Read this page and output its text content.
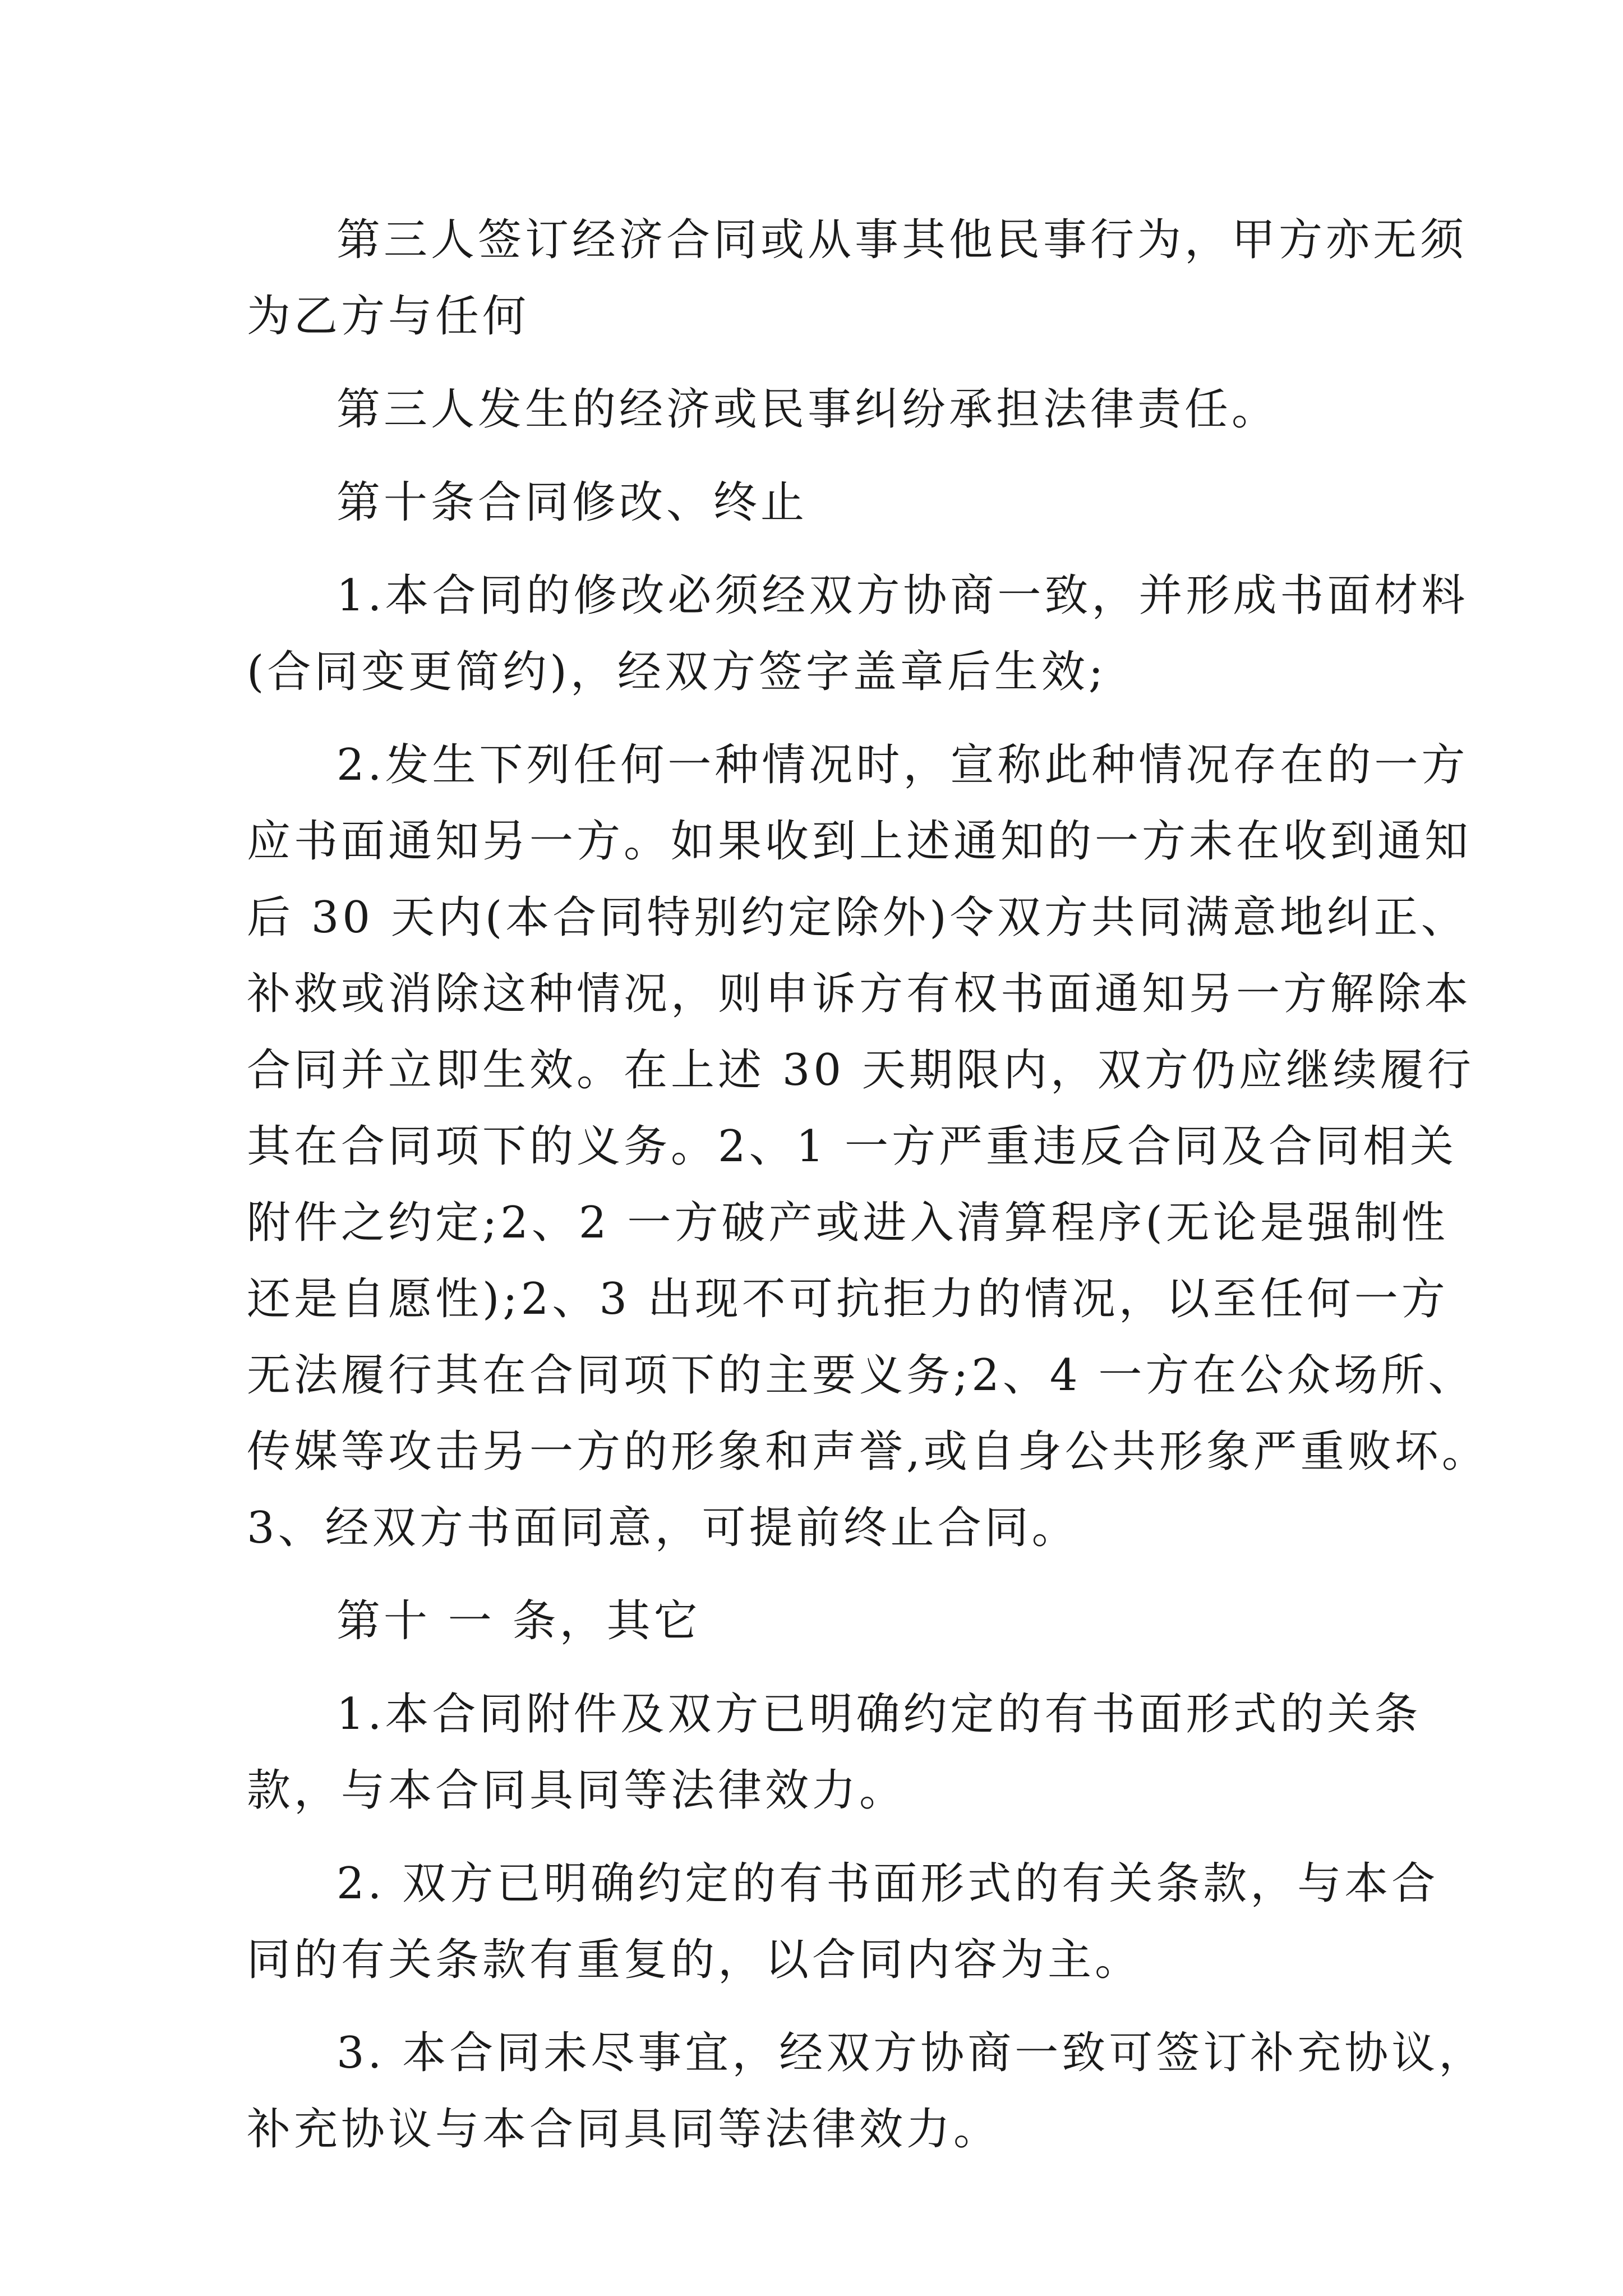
第三人签订经济合同或从事其他民事行为，甲方亦无须
为乙方与任何
第三人发生的经济或民事纠纷承担法律责任。
第十条合同修改、终止
1.本合同的修改必须经双方协商一致，并形成书面材料
(合同变更简约)，经双方签字盖章后生效;
2.发生下列任何一种情况时，宣称此种情况存在的一方
应书面通知另一方。如果收到上述通知的一方未在收到通知
后 30 天内(本合同特别约定除外)令双方共同满意地纠正、
补救或消除这种情况，则申诉方有权书面通知另一方解除本
合同并立即生效。在上述 30 天期限内，双方仍应继续履行
其在合同项下的义务。2、1 一方严重违反合同及合同相关
附件之约定;2、2 一方破产或进入清算程序(无论是强制性
还是自愿性);2、3 出现不可抗拒力的情况，以至任何一方
无法履行其在合同项下的主要义务;2、4 一方在公众场所、
传媒等攻击另一方的形象和声誉,或自身公共形象严重败坏。
3、经双方书面同意，可提前终止合同。
第十 一 条，其它
1.本合同附件及双方已明确约定的有书面形式的关条
款，与本合同具同等法律效力。
2. 双方已明确约定的有书面形式的有关条款，与本合
同的有关条款有重复的，以合同内容为主。
3. 本合同未尽事宜，经双方协商一致可签订补充协议，
补充协议与本合同具同等法律效力。
